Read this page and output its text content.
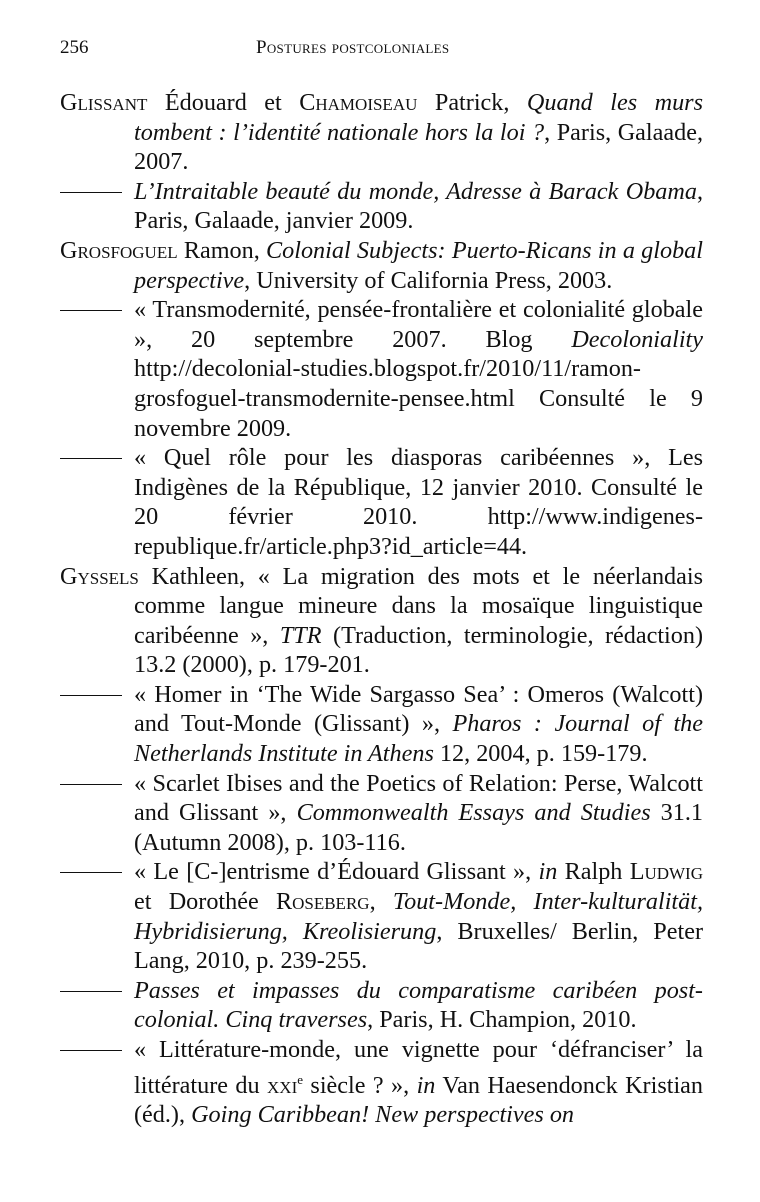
256	Postures postcoloniales
Glissant Édouard et Chamoiseau Patrick, Quand les murs tombent : l’identité nationale hors la loi ?, Paris, Galaade, 2007.
L’Intraitable beauté du monde, Adresse à Barack Obama, Paris, Galaade, janvier 2009.
Grosfoguel Ramon, Colonial Subjects: Puerto-Ricans in a global perspective, University of California Press, 2003.
« Transmodernité, pensée-frontalière et colonialité globale », 20 septembre 2007. Blog Decoloniality http://decolonial-studies.blogspot.fr/2010/11/ramon-grosfoguel-transmodernite-pensee.html Consulté le 9 novembre 2009.
« Quel rôle pour les diasporas caribéennes », Les Indigènes de la République, 12 janvier 2010. Consulté le 20 février 2010. http://www.indigenes-republique.fr/article.php3?id_article=44.
Gyssels Kathleen, « La migration des mots et le néerlandais comme langue mineure dans la mosaïque linguistique caribéenne », TTR (Traduction, terminologie, rédaction) 13.2 (2000), p. 179-201.
« Homer in ‘The Wide Sargasso Sea’ : Omeros (Walcott) and Tout-Monde (Glissant) », Pharos : Journal of the Netherlands Institute in Athens 12, 2004, p. 159-179.
« Scarlet Ibises and the Poetics of Relation: Perse, Walcott and Glissant », Commonwealth Essays and Studies 31.1 (Autumn 2008), p. 103-116.
« Le [C-]entrisme d’Édouard Glissant », in Ralph Ludwig et Dorothée Roseberg, Tout-Monde, Inter-kulturalität, Hybridisierung, Kreolisierung, Bruxelles/ Berlin, Peter Lang, 2010, p. 239-255.
Passes et impasses du comparatisme caribéen post-colonial. Cinq traverses, Paris, H. Champion, 2010.
« Littérature-monde, une vignette pour ‘défranciser’ la littérature du xxi$^e$ siècle ? », in Van Haesendonck Kristian (éd.), Going Caribbean! New perspectives on
